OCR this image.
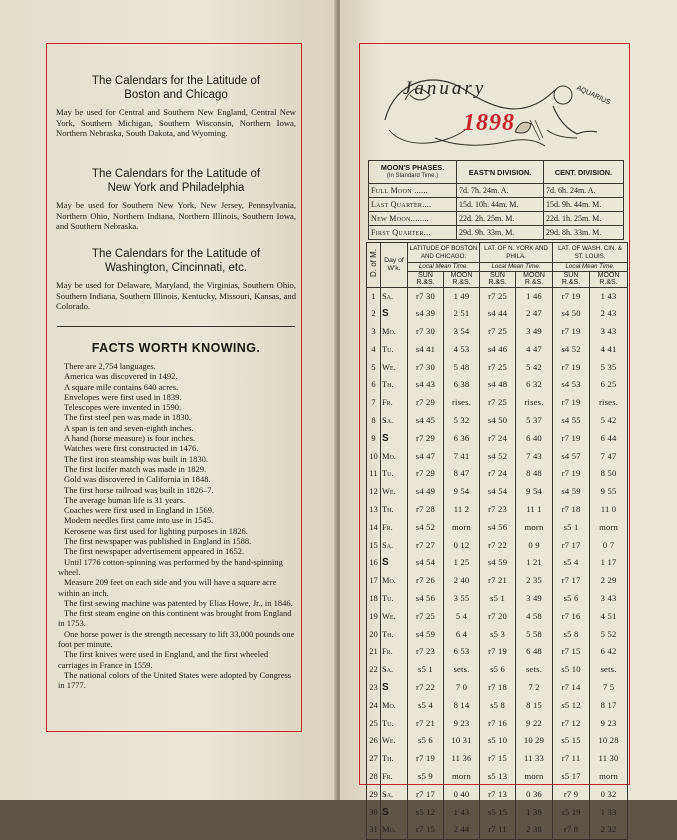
The Calendars for the Latitude of
Boston and Chicago

May be used for Central and Southern New England, Central New York, Southern Michigan, Southern Wisconsin, Northern Iowa, Northern Nebraska, South Dakota, and Wyoming.

The Calendars for the Latitude of
New York and Philadelphia

May be used for Southern New York, New Jersey, Pennsylvania, Northern Ohio, Northern Indiana, Northern Illinois, Southern Iowa, and Southern Nebraska.

The Calendars for the Latitude of
Washington, Cincinnati, etc.

May be used for Delaware, Maryland, the Virginias, Southern Ohio, Southern Indiana, Southern Illinois, Kentucky, Missouri, Kansas, and Colorado.

FACTS WORTH KNOWING.

There are 2,754 languages.

America was discovered in 1492.

A square mile contains 640 acres.

Envelopes were first used in 1839.

Telescopes were invented in 1590.

The first steel pen was made in 1830.

A span is ten and seven-eighth inches.

A hand (horse measure) is four inches.

Watches were first constructed in 1476.

The first iron steamship was built in 1830.

The first lucifer match was made in 1829.

Gold was discovered in California in 1848.

The first horse railroad was built in 1826–7.

The average human life is 31 years.

Coaches were first used in England in 1569.

Modern needles first came into use in 1545.

Kerosene was first used for lighting purposes in 1826.

The first newspaper was published in England in 1588.

The first newspaper advertisement appeared in 1652.

Until 1776 cotton-spinning was performed by the hand-spinning wheel.

Measure 209 feet on each side and you will have a square acre within an inch.

The first sewing machine was patented by Elias Howe, Jr., in 1846.

The first steam engine on this continent was brought from England in 1753.

One horse power is the strength necessary to lift 33,000 pounds one foot per minute.

The first knives were used in England, and the first wheeled carriages in France in 1559.

The national colors of the United States were adopted by Congress in 1777.

January
1898
AQUARIUS
MOON'S PHASES.
(In Standard Time.)	EAST'N DIVISION.	CENT. DIVISION.
Full Moon ......	7d. 7h. 24m. A.	7d. 6h. 24m. A.
Last Quarter....	15d. 10h. 44m. M.	15d. 9h. 44m. M.
New Moon........	22d. 2h. 25m. M.	22d. 1h. 25m. M.
First Quarter...	29d. 9h. 33m. M.	29d. 8h. 33m. M.
D. of M.	Day of W'k.	LATITUDE OF BOSTON AND CHICAGO.		LAT. OF N. YORK AND PHILA.		LAT. OF WASH. CIN. & ST. LOUIS.	
		Local Mean Time.		Local Mean Time.		Local Mean Time.	
		SUN R.&S.	MOON R.&S.	SUN R.&S.	MOON R.&S.	SUN R.&S.	MOON R.&S.
1	Sa.	r7 30	1 49	r7 25	1 46	r7 19	1 43
2	S	s4 39	2 51	s4 44	2 47	s4 50	2 43
3	Mo.	r7 30	3 54	r7 25	3 49	r7 19	3 43
4	Tu.	s4 41	4 53	s4 46	4 47	s4 52	4 41
5	We.	r7 30	5 48	r7 25	5 42	r7 19	5 35
6	Th.	s4 43	6 38	s4 48	6 32	s4 53	6 25
7	Fr.	r7 29	rises.	r7 25	rises.	r7 19	rises.
8	Sa.	s4 45	5 32	s4 50	5 37	s4 55	5 42
9	S	r7 29	6 36	r7 24	6 40	r7 19	6 44
10	Mo.	s4 47	7 41	s4 52	7 43	s4 57	7 47
11	Tu.	r7 29	8 47	r7 24	8 48	r7 19	8 50
12	We.	s4 49	9 54	s4 54	9 54	s4 59	9 55
13	Th.	r7 28	11 2	r7 23	11 1	r7 18	11 0
14	Fr.	s4 52	morn	s4 56	morn	s5 1	morn
15	Sa.	r7 27	0 12	r7 22	0 9	r7 17	0 7
16	S	s4 54	1 25	s4 59	1 21	s5 4	1 17
17	Mo.	r7 26	2 40	r7 21	2 35	r7 17	2 29
18	Tu.	s4 56	3 55	s5 1	3 49	s5 6	3 43
19	We.	r7 25	5 4	r7 20	4 58	r7 16	4 51
20	Th.	s4 59	6 4	s5 3	5 58	s5 8	5 52
21	Fr.	r7 23	6 53	r7 19	6 48	r7 15	6 42
22	Sa.	s5 1	sets.	s5 6	sets.	s5 10	sets.
23	S	r7 22	7 0	r7 18	7 2	r7 14	7 5
24	Mo.	s5 4	8 14	s5 8	8 15	s5 12	8 17
25	Tu.	r7 21	9 23	r7 16	9 22	r7 12	9 23
26	We.	s5 6	10 31	s5 10	10 29	s5 15	10 28
27	Th.	r7 19	11 36	r7 15	11 33	r7 11	11 30
28	Fr.	s5 9	morn	s5 13	morn	s5 17	morn
29	Sa.	r7 17	0 40	r7 13	0 36	r7 9	0 32
30	S	s5 12	1 43	s5 15	1 38	s5 19	1 33
31	Mo.	r7 15	2 44	r7 11	2 38	r7 8	2 32
